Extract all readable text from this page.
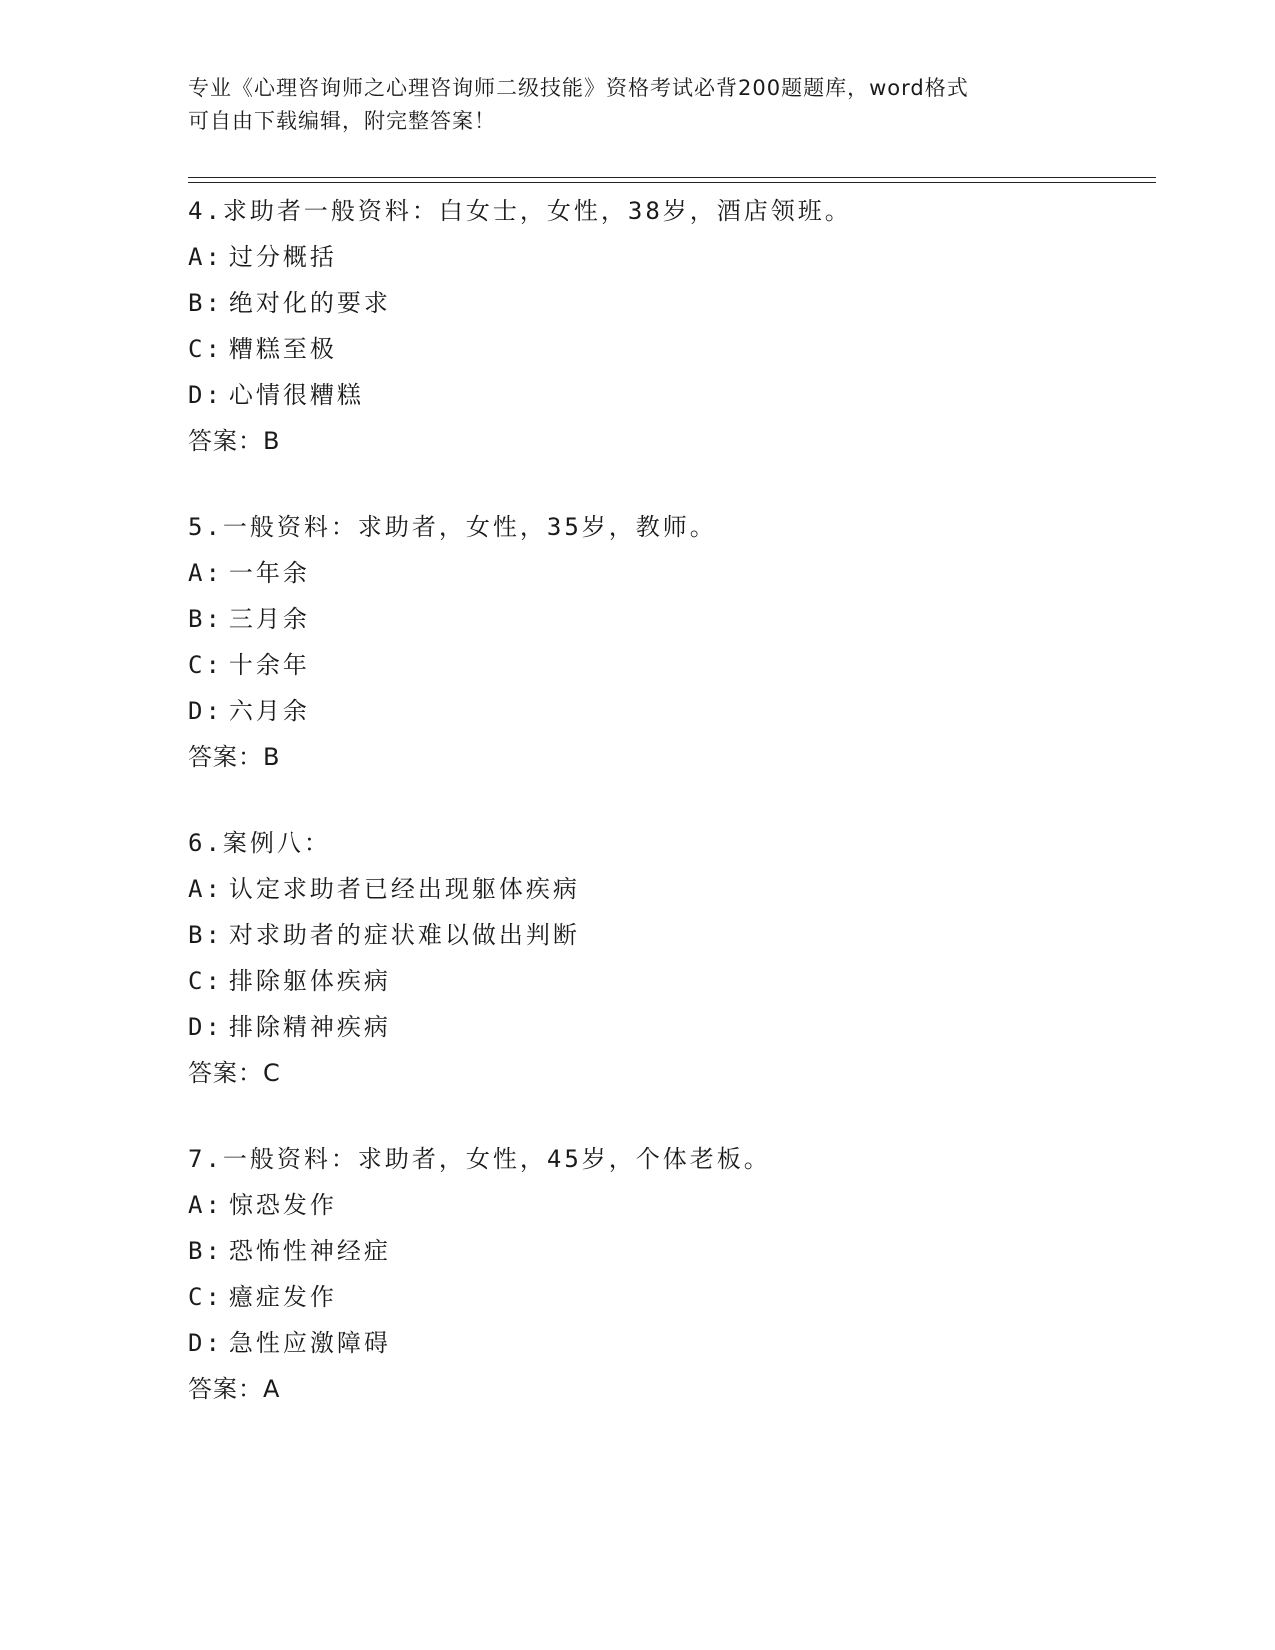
专业《心理咨询师之心理咨询师二级技能》资格考试必背200题题库，word格式
可自由下载编辑，附完整答案！
4.求助者一般资料：白女士，女性，38岁，酒店领班。
A: 过分概括
B: 绝对化的要求
C: 糟糕至极
D: 心情很糟糕
答案：B
5.一般资料：求助者，女性，35岁，教师。
A: 一年余
B: 三月余
C: 十余年
D: 六月余
答案：B
6.案例八：
A: 认定求助者已经出现躯体疾病
B: 对求助者的症状难以做出判断
C: 排除躯体疾病
D: 排除精神疾病
答案：C
7.一般资料：求助者，女性，45岁，个体老板。
A: 惊恐发作
B: 恐怖性神经症
C: 癔症发作
D: 急性应激障碍
答案：A
